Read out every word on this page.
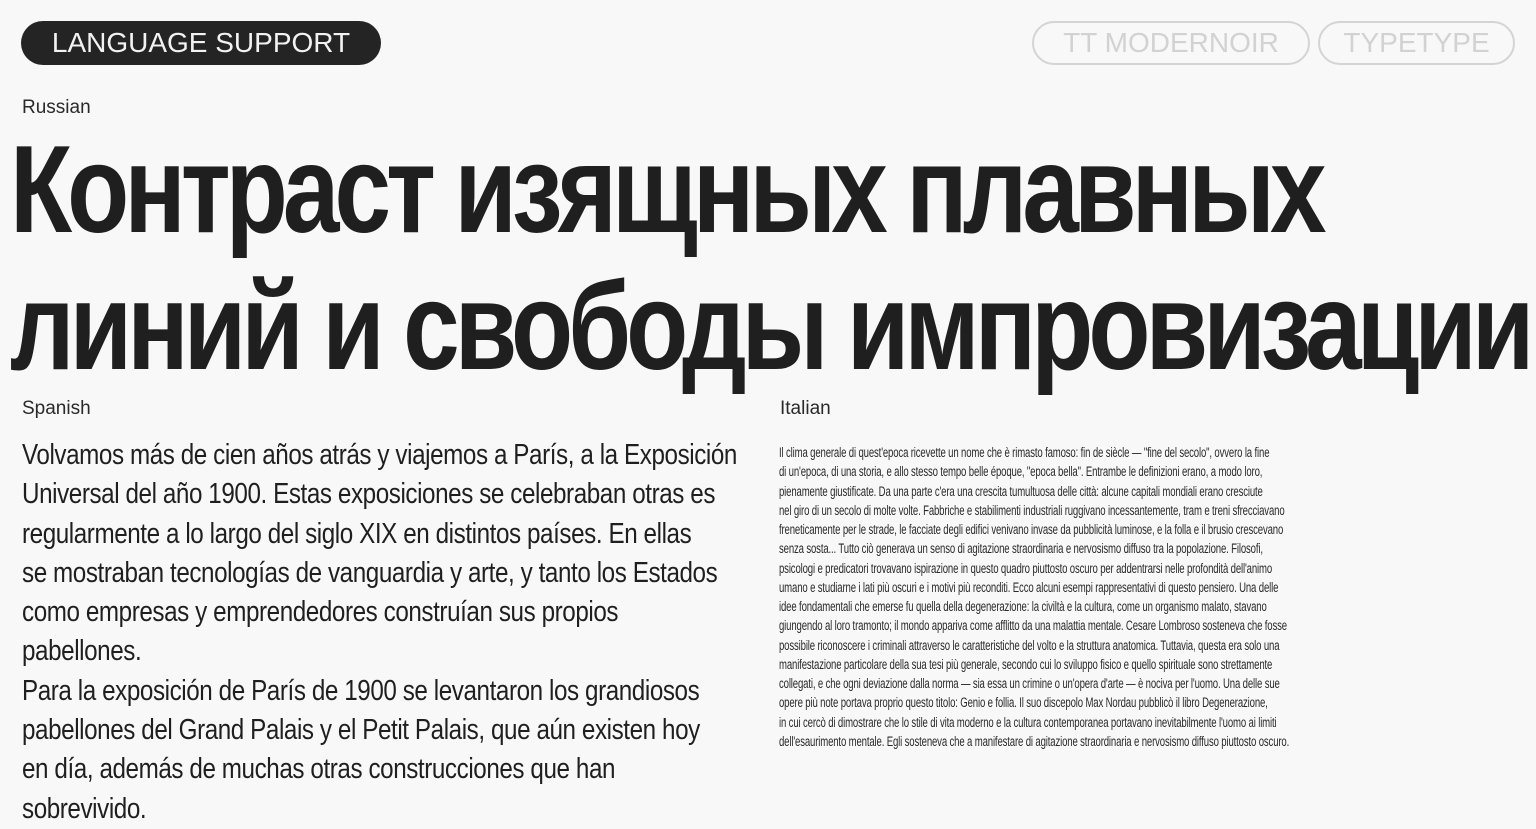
LANGUAGE SUPPORT	TT MODERNOIR	TYPETYPE
Russian
Контраст изящных плавных
линий и свободы импровизации
Spanish

Volvamos más de cien años atrás y viajemos a París, a la Exposición
Universal del año 1900. Estas exposiciones se celebraban otras es
regularmente a lo largo del siglo XIX en distintos países. En ellas
se mostraban tecnologías de vanguardia y arte, y tanto los Estados
como empresas y emprendedores construían sus propios pabellones.
Para la exposición de París de 1900 se levantaron los grandiosos
pabellones del Grand Palais y el Petit Palais, que aún existen hoy
en día, además de muchas otras construcciones que han sobrevivido.

Italian

Il clima generale di quest'epoca ricevette un nome che è rimasto famoso: fin de siècle — "fine del secolo", ovvero la fine
di un'epoca, di una storia, e allo stesso tempo belle époque, "epoca bella". Entrambe le definizioni erano, a modo loro,
pienamente giustificate. Da una parte c'era una crescita tumultuosa delle città: alcune capitali mondiali erano cresciute
nel giro di un secolo di molte volte. Fabbriche e stabilimenti industriali ruggivano incessantemente, tram e treni sfrecciavano
freneticamente per le strade, le facciate degli edifici venivano invase da pubblicità luminose, e la folla e il brusio crescevano
senza sosta... Tutto ciò generava un senso di agitazione straordinaria e nervosismo diffuso tra la popolazione. Filosofi,
psicologi e predicatori trovavano ispirazione in questo quadro piuttosto oscuro per addentrarsi nelle profondità dell'animo
umano e studiarne i lati più oscuri e i motivi più reconditi. Ecco alcuni esempi rappresentativi di questo pensiero. Una delle
idee fondamentali che emerse fu quella della degenerazione: la civiltà e la cultura, come un organismo malato, stavano
giungendo al loro tramonto; il mondo appariva come afflitto da una malattia mentale. Cesare Lombroso sosteneva che fosse
possibile riconoscere i criminali attraverso le caratteristiche del volto e la struttura anatomica. Tuttavia, questa era solo una
manifestazione particolare della sua tesi più generale, secondo cui lo sviluppo fisico e quello spirituale sono strettamente
collegati, e che ogni deviazione dalla norma — sia essa un crimine o un'opera d'arte — è nociva per l'uomo. Una delle sue
opere più note portava proprio questo titolo: Genio e follia. Il suo discepolo Max Nordau pubblicò il libro Degenerazione,
in cui cercò di dimostrare che lo stile di vita moderno e la cultura contemporanea portavano inevitabilmente l'uomo ai limiti
dell'esaurimento mentale. Egli sosteneva che a manifestare di agitazione straordinaria e nervosismo diffuso piuttosto oscuro.
